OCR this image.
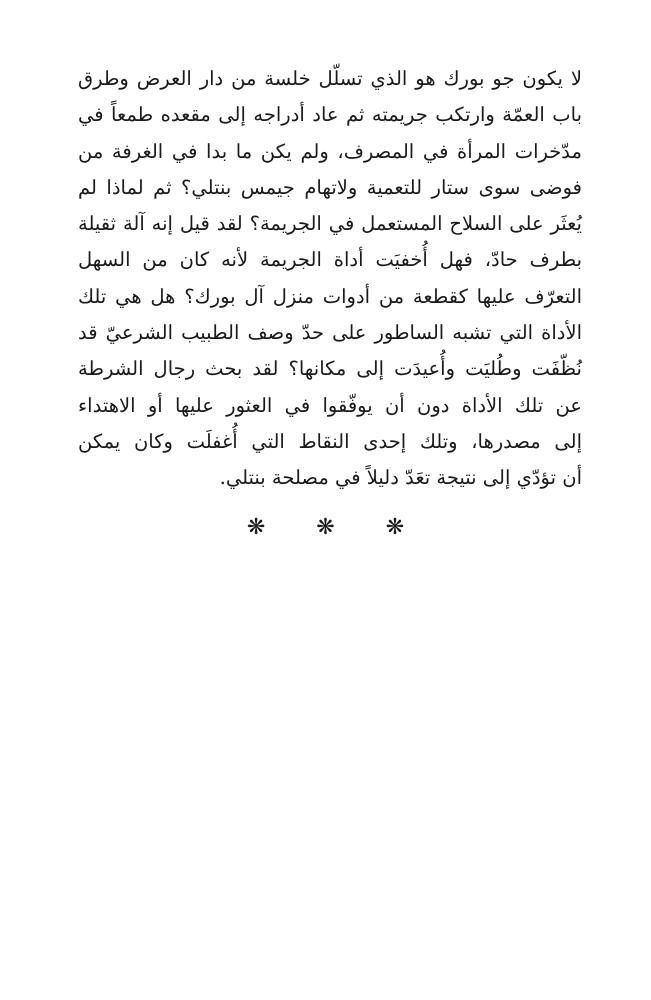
لا يكون جو بورك هو الذي تسلّل خلسة من دار العرض وطرق
باب العمّة وارتكب جريمته ثم عاد أدراجه إلى مقعده طمعاً في
مدّخرات المرأة في المصرف، ولم يكن ما بدا في الغرفة من
فوضى سوى ستار للتعمية ولاتهام جيمس بنتلي؟ ثم لماذا لم
يُعثَر على السلاح المستعمل في الجريمة؟ لقد قيل إنه آلة ثقيلة
بطرف حادّ، فهل أُخفيَت أداة الجريمة لأنه كان من السهل
التعرّف عليها كقطعة من أدوات منزل آل بورك؟ هل هي تلك
الأداة التي تشبه الساطور على حدّ وصف الطبيب الشرعيّ قد
نُظّفَت وطُليَت وأُعيدَت إلى مكانها؟ لقد بحث رجال الشرطة
عن تلك الأداة دون أن يوفّقوا في العثور عليها أو الاهتداء
إلى مصدرها، وتلك إحدى النقاط التي أُغفلَت وكان يمكن
أن تؤدّي إلى نتيجة تعَدّ دليلاً في مصلحة بنتلي.
❋ ❋ ❋
